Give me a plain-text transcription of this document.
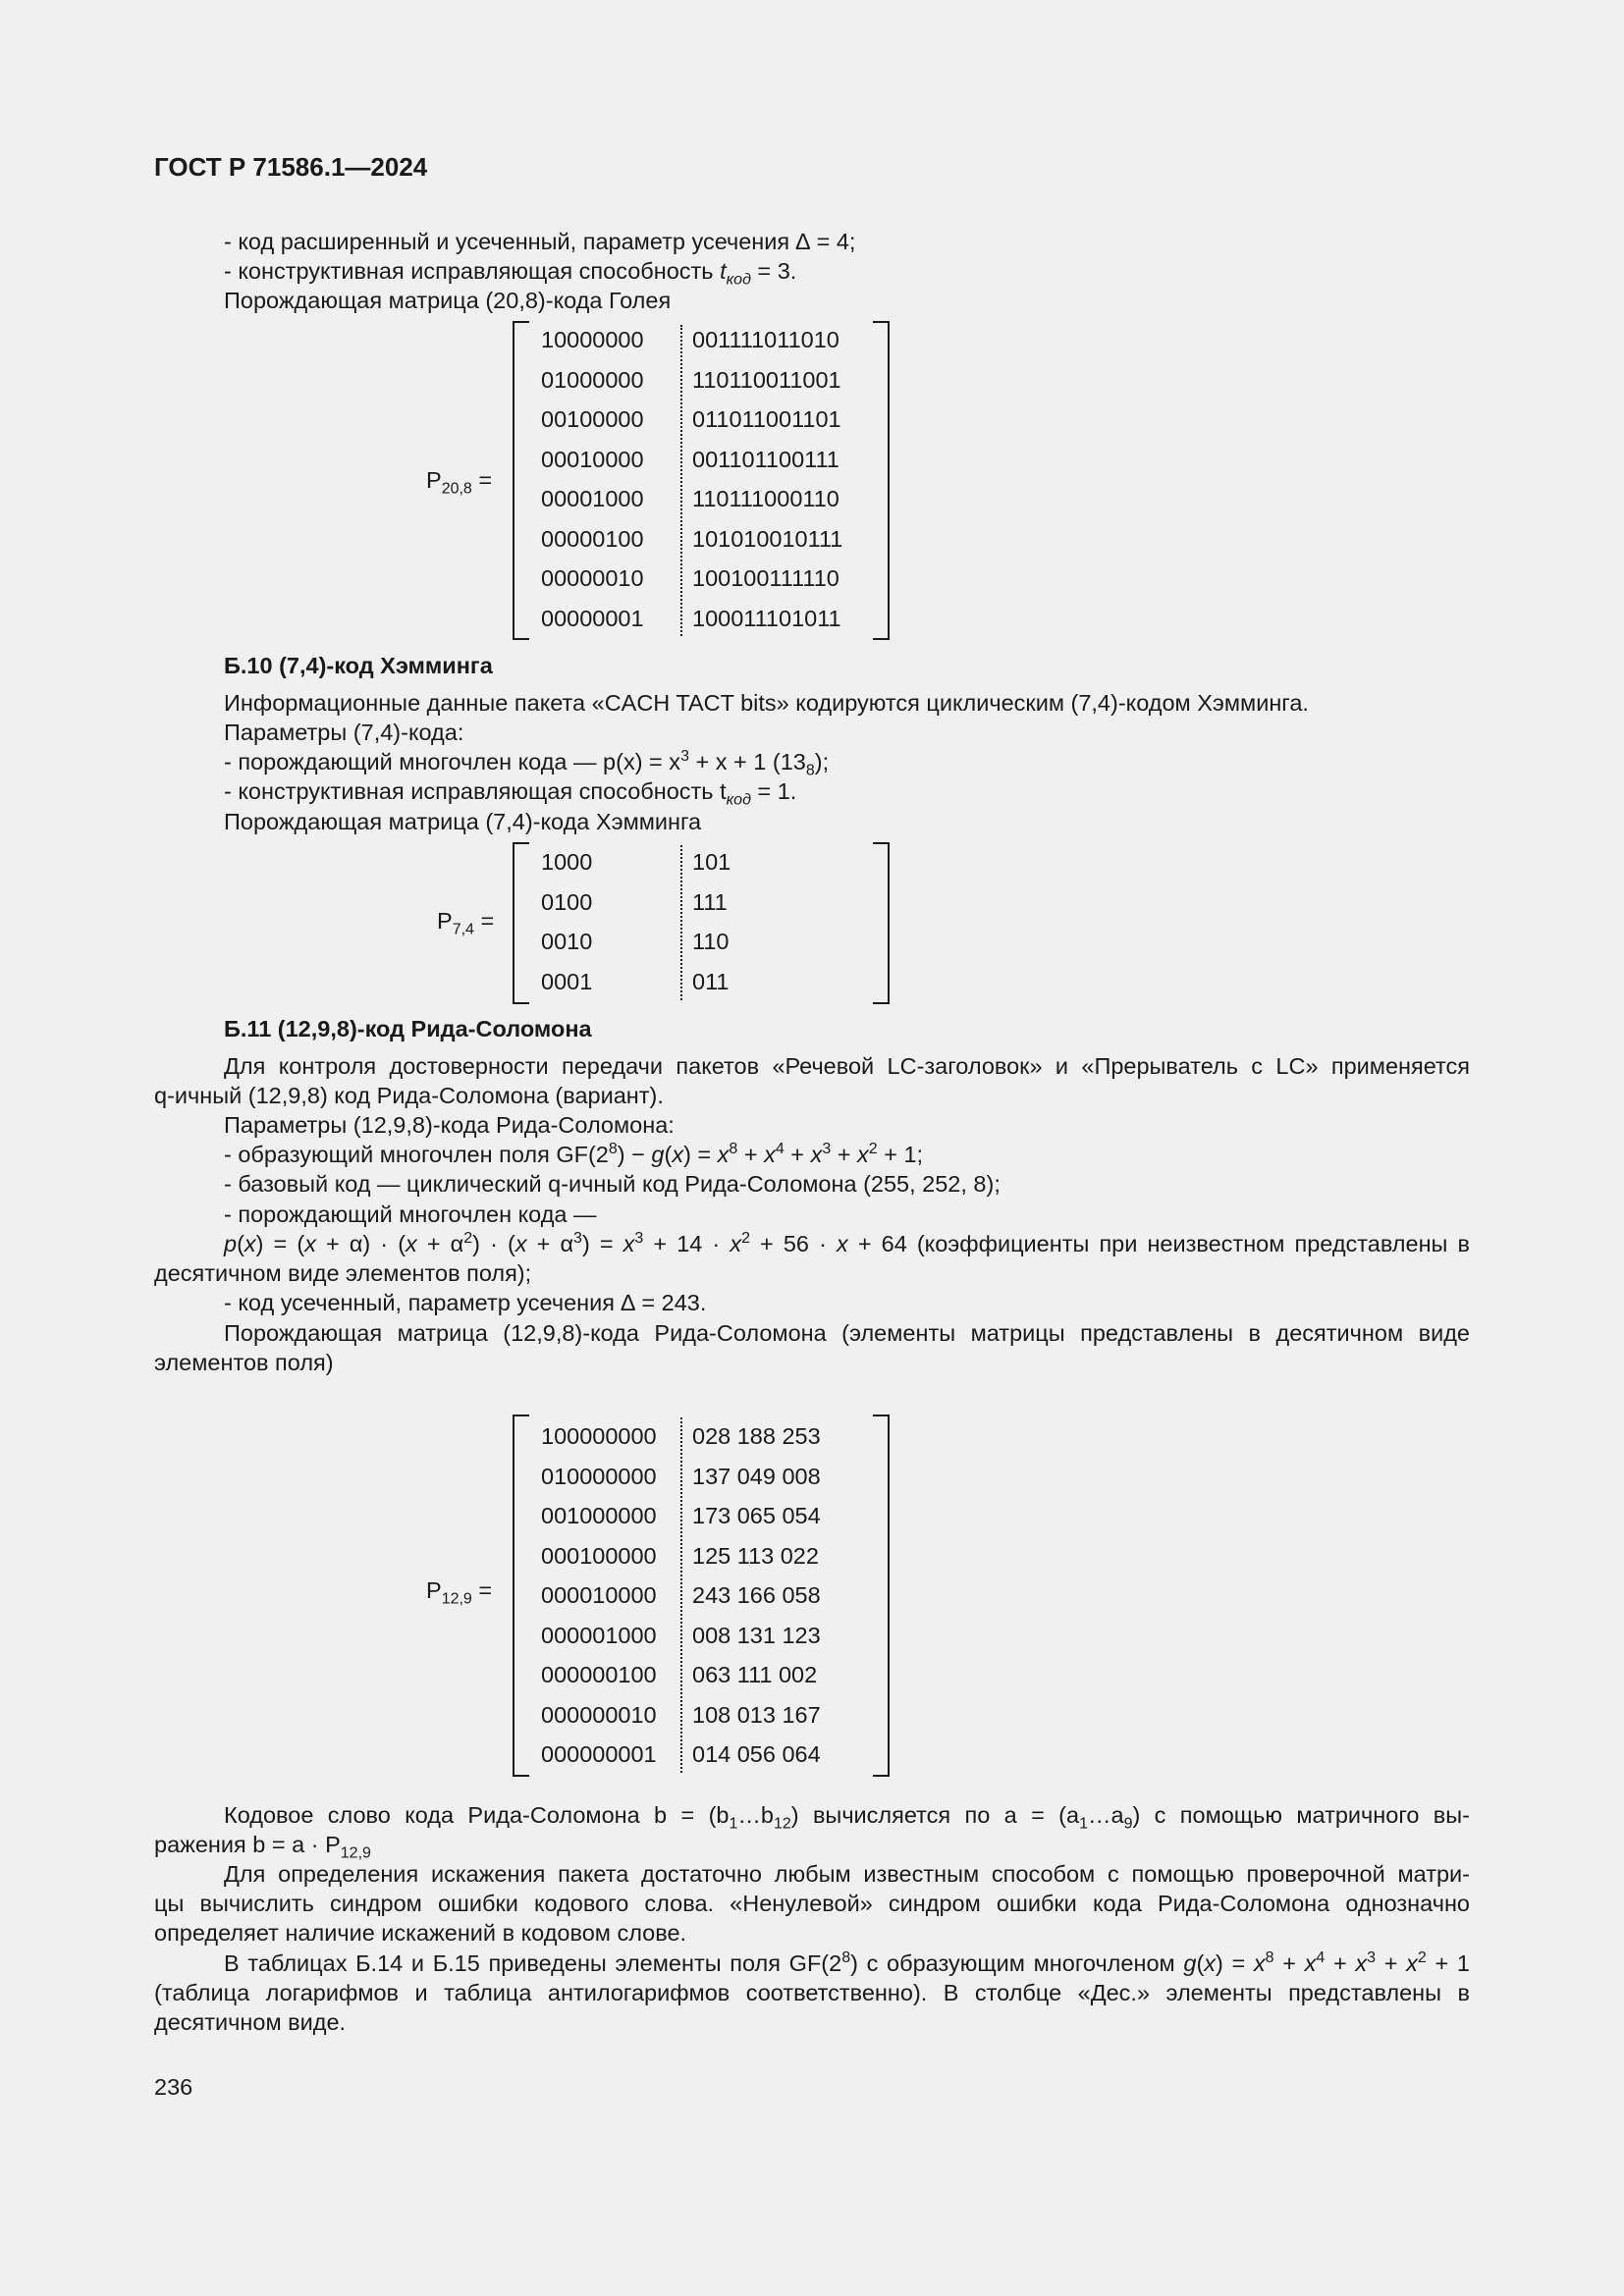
ГОСТ Р 71586.1—2024
- код расширенный и усеченный, параметр усечения ∆ = 4;
- конструктивная исправляющая способность $t_{код} = 3$.
Порождающая матрица (20,8)-кода Голея
$P_{20,8}$ =
10000000
01000000
00100000
00010000
00001000
00000100
00000010
00000001
001111011010
110110011001
011011001101
001101100111
110111000110
101010010111
100100111110
100011101011
Б.10 (7,4)-код Хэмминга
Информационные данные пакета «CACH TACT bits» кодируются циклическим (7,4)-кодом Хэмминга.
Параметры (7,4)-кода:
- порождающий многочлен кода — $p(x) = x^3 + x + 1$ $(13_8)$;
- конструктивная исправляющая способность $t_{код} = 1$.
Порождающая матрица (7,4)-кода Хэмминга
$P_{7,4}$ =
1000
0100
0010
0001
101
111
110
011
Б.11 (12,9,8)-код Рида-Соломона
Для контроля достоверности передачи пакетов «Речевой LC-заголовок» и «Прерыватель с LC» применяется
q-ичный (12,9,8) код Рида-Соломона (вариант).
Параметры (12,9,8)-кода Рида-Соломона:
- образующий многочлен поля $GF(2^8) - g(x) = x^8 + x^4 + x^3 + x^2 + 1$;
- базовый код — циклический q-ичный код Рида-Соломона (255, 252, 8);
- порождающий многочлен кода —
$p(x) = (x + \alpha) \cdot (x + \alpha^2) \cdot (x + \alpha^3) = x^3 + 14 \cdot x^2 + 56 \cdot x + 64$ (коэффициенты при неизвестном представлены в
десятичном виде элементов поля);
- код усеченный, параметр усечения ∆ = 243.
Порождающая матрица (12,9,8)-кода Рида-Соломона (элементы матрицы представлены в десятичном виде
элементов поля)
$P_{12,9}$ =
100000000
010000000
001000000
000100000
000010000
000001000
000000100
000000010
000000001
028 188 253
137 049 008
173 065 054
125 113 022
243 166 058
008 131 123
063 111 002
108 013 167
014 056 064
Кодовое слово кода Рида-Соломона $b = (b_1\dots b_{12})$ вычисляется по $a = (a_1\dots a_9)$ с помощью матричного вы-
ражения $b = a \cdot P_{12,9}$
Для определения искажения пакета достаточно любым известным способом с помощью проверочной матри-
цы вычислить синдром ошибки кодового слова. «Ненулевой» синдром ошибки кода Рида-Соломона однозначно
определяет наличие искажений в кодовом слове.
В таблицах Б.14 и Б.15 приведены элементы поля $GF(2^8)$ с образующим многочленом $g(x) = x^8 + x^4 + x^3 + x^2 + 1$
(таблица логарифмов и таблица антилогарифмов соответственно). В столбце «Дес.» элементы представлены в
десятичном виде.
236
